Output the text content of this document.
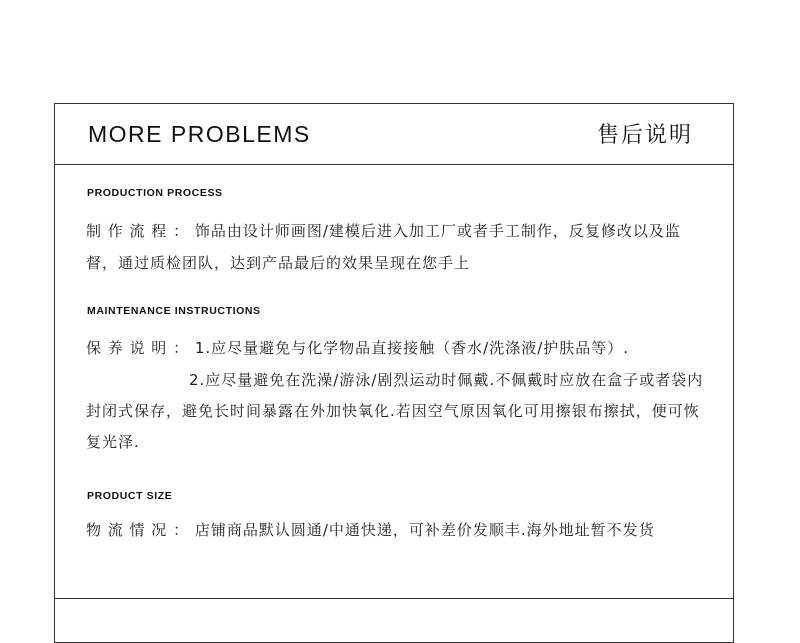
MORE PROBLEMS	售后说明
PRODUCTION PROCESS
制 作 流 程 ： 饰品由设计师画图/建模后进入加工厂或者手工制作，反复修改以及监
督，通过质检团队，达到产品最后的效果呈现在您手上
MAINTENANCE INSTRUCTIONS
保 养 说 明 ： 1.应尽量避免与化学物品直接接触（香水/洗涤液/护肤品等）.
2.应尽量避免在洗澡/游泳/剧烈运动时佩戴.不佩戴时应放在盒子或者袋内
封闭式保存，避免长时间暴露在外加快氧化.若因空气原因氧化可用擦银布擦拭，便可恢
复光泽.
PRODUCT SIZE
物 流 情 况 ： 店铺商品默认圆通/中通快递，可补差价发顺丰.海外地址暂不发货
